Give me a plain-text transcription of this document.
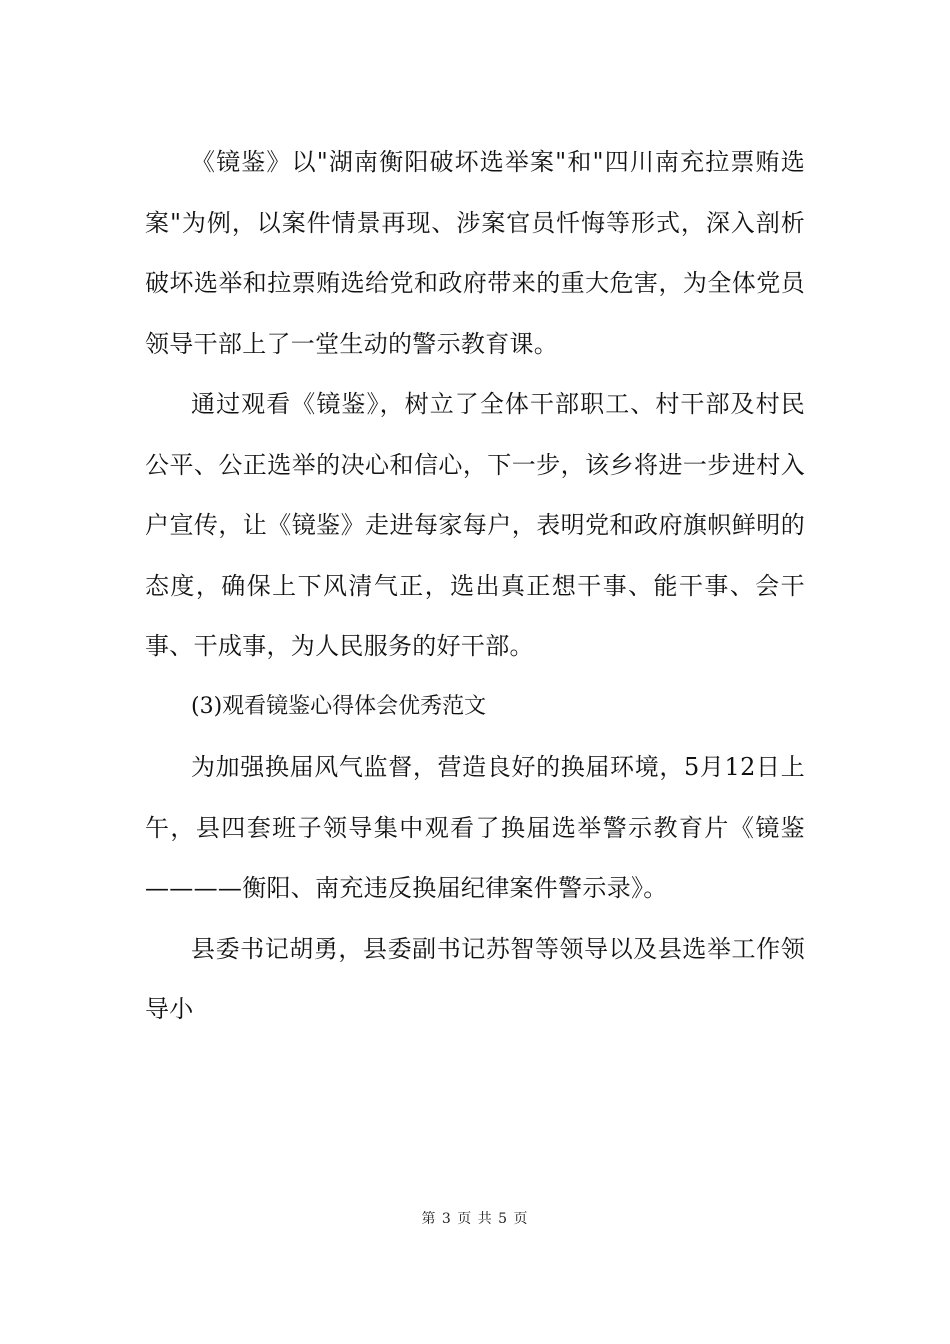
《镜鉴》以"湖南衡阳破坏选举案"和"四川南充拉票贿选案"为例，以案件情景再现、涉案官员忏悔等形式，深入剖析破坏选举和拉票贿选给党和政府带来的重大危害，为全体党员领导干部上了一堂生动的警示教育课。

通过观看《镜鉴》，树立了全体干部职工、村干部及村民公平、公正选举的决心和信心，下一步，该乡将进一步进村入户宣传，让《镜鉴》走进每家每户，表明党和政府旗帜鲜明的态度，确保上下风清气正，选出真正想干事、能干事、会干事、干成事，为人民服务的好干部。

(3)观看镜鉴心得体会优秀范文

为加强换届风气监督，营造良好的换届环境，5月12日上午，县四套班子领导集中观看了换届选举警示教育片《镜鉴————衡阳、南充违反换届纪律案件警示录》。

县委书记胡勇，县委副书记苏智等领导以及县选举工作领导小

第 3 页 共 5 页
